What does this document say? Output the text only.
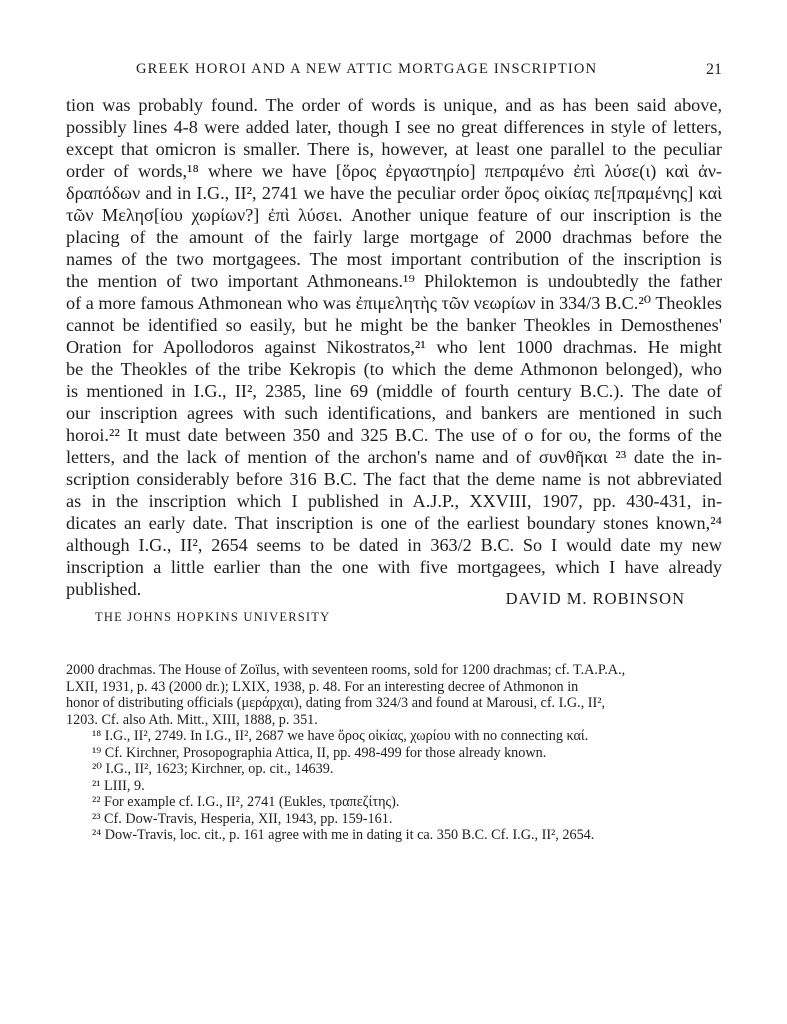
GREEK HOROI AND A NEW ATTIC MORTGAGE INSCRIPTION	21
tion was probably found. The order of words is unique, and as has been said above,
possibly lines 4-8 were added later, though I see no great differences in style of letters,
except that omicron is smaller. There is, however, at least one parallel to the peculiar
order of words,¹⁸ where we have [ὅρος ἐργαστηρίο] πεπραμένο ἐπὶ λύσε(ι) καὶ ἀν-
δραπόδων and in I.G., II², 2741 we have the peculiar order ὅρος οἰκίας πε[πραμένης] καὶ
τῶν Μελησ[ίου χωρίων?] ἐπὶ λύσει. Another unique feature of our inscription is the
placing of the amount of the fairly large mortgage of 2000 drachmas before the
names of the two mortgagees. The most important contribution of the inscription is
the mention of two important Athmoneans.¹⁹ Philoktemon is undoubtedly the father
of a more famous Athmonean who was ἐπιμελητὴς τῶν νεωρίων in 334/3 B.C.²⁰ Theokles
cannot be identified so easily, but he might be the banker Theokles in Demosthenes'
Oration for Apollodoros against Nikostratos,²¹ who lent 1000 drachmas. He might
be the Theokles of the tribe Kekropis (to which the deme Athmonon belonged), who
is mentioned in I.G., II², 2385, line 69 (middle of fourth century B.C.). The date of
our inscription agrees with such identifications, and bankers are mentioned in such
horoi.²² It must date between 350 and 325 B.C. The use of ο for ου, the forms of the
letters, and the lack of mention of the archon's name and of συνθῆκαι ²³ date the in-
scription considerably before 316 B.C. The fact that the deme name is not abbreviated
as in the inscription which I published in A.J.P., XXVIII, 1907, pp. 430-431, in-
dicates an early date. That inscription is one of the earliest boundary stones known,²⁴
although I.G., II², 2654 seems to be dated in 363/2 B.C. So I would date my new
inscription a little earlier than the one with five mortgagees, which I have already
published.	DAVID M. ROBINSON
THE JOHNS HOPKINS UNIVERSITY
2000 drachmas. The House of Zoïlus, with seventeen rooms, sold for 1200 drachmas; cf. T.A.P.A.,
LXII, 1931, p. 43 (2000 dr.); LXIX, 1938, p. 48. For an interesting decree of Athmonon in
honor of distributing officials (μεράρχαι), dating from 324/3 and found at Marousi, cf. I.G., II²,
1203. Cf. also Ath. Mitt., XIII, 1888, p. 351.
¹⁸ I.G., II², 2749. In I.G., II², 2687 we have ὅρος οἰκίας, χωρίου with no connecting καί.
¹⁹ Cf. Kirchner, Prosopographia Attica, II, pp. 498-499 for those already known.
²⁰ I.G., II², 1623; Kirchner, op. cit., 14639.
²¹ LIII, 9.
²² For example cf. I.G., II², 2741 (Eukles, τραπεζίτης).
²³ Cf. Dow-Travis, Hesperia, XII, 1943, pp. 159-161.
²⁴ Dow-Travis, loc. cit., p. 161 agree with me in dating it ca. 350 B.C. Cf. I.G., II², 2654.
